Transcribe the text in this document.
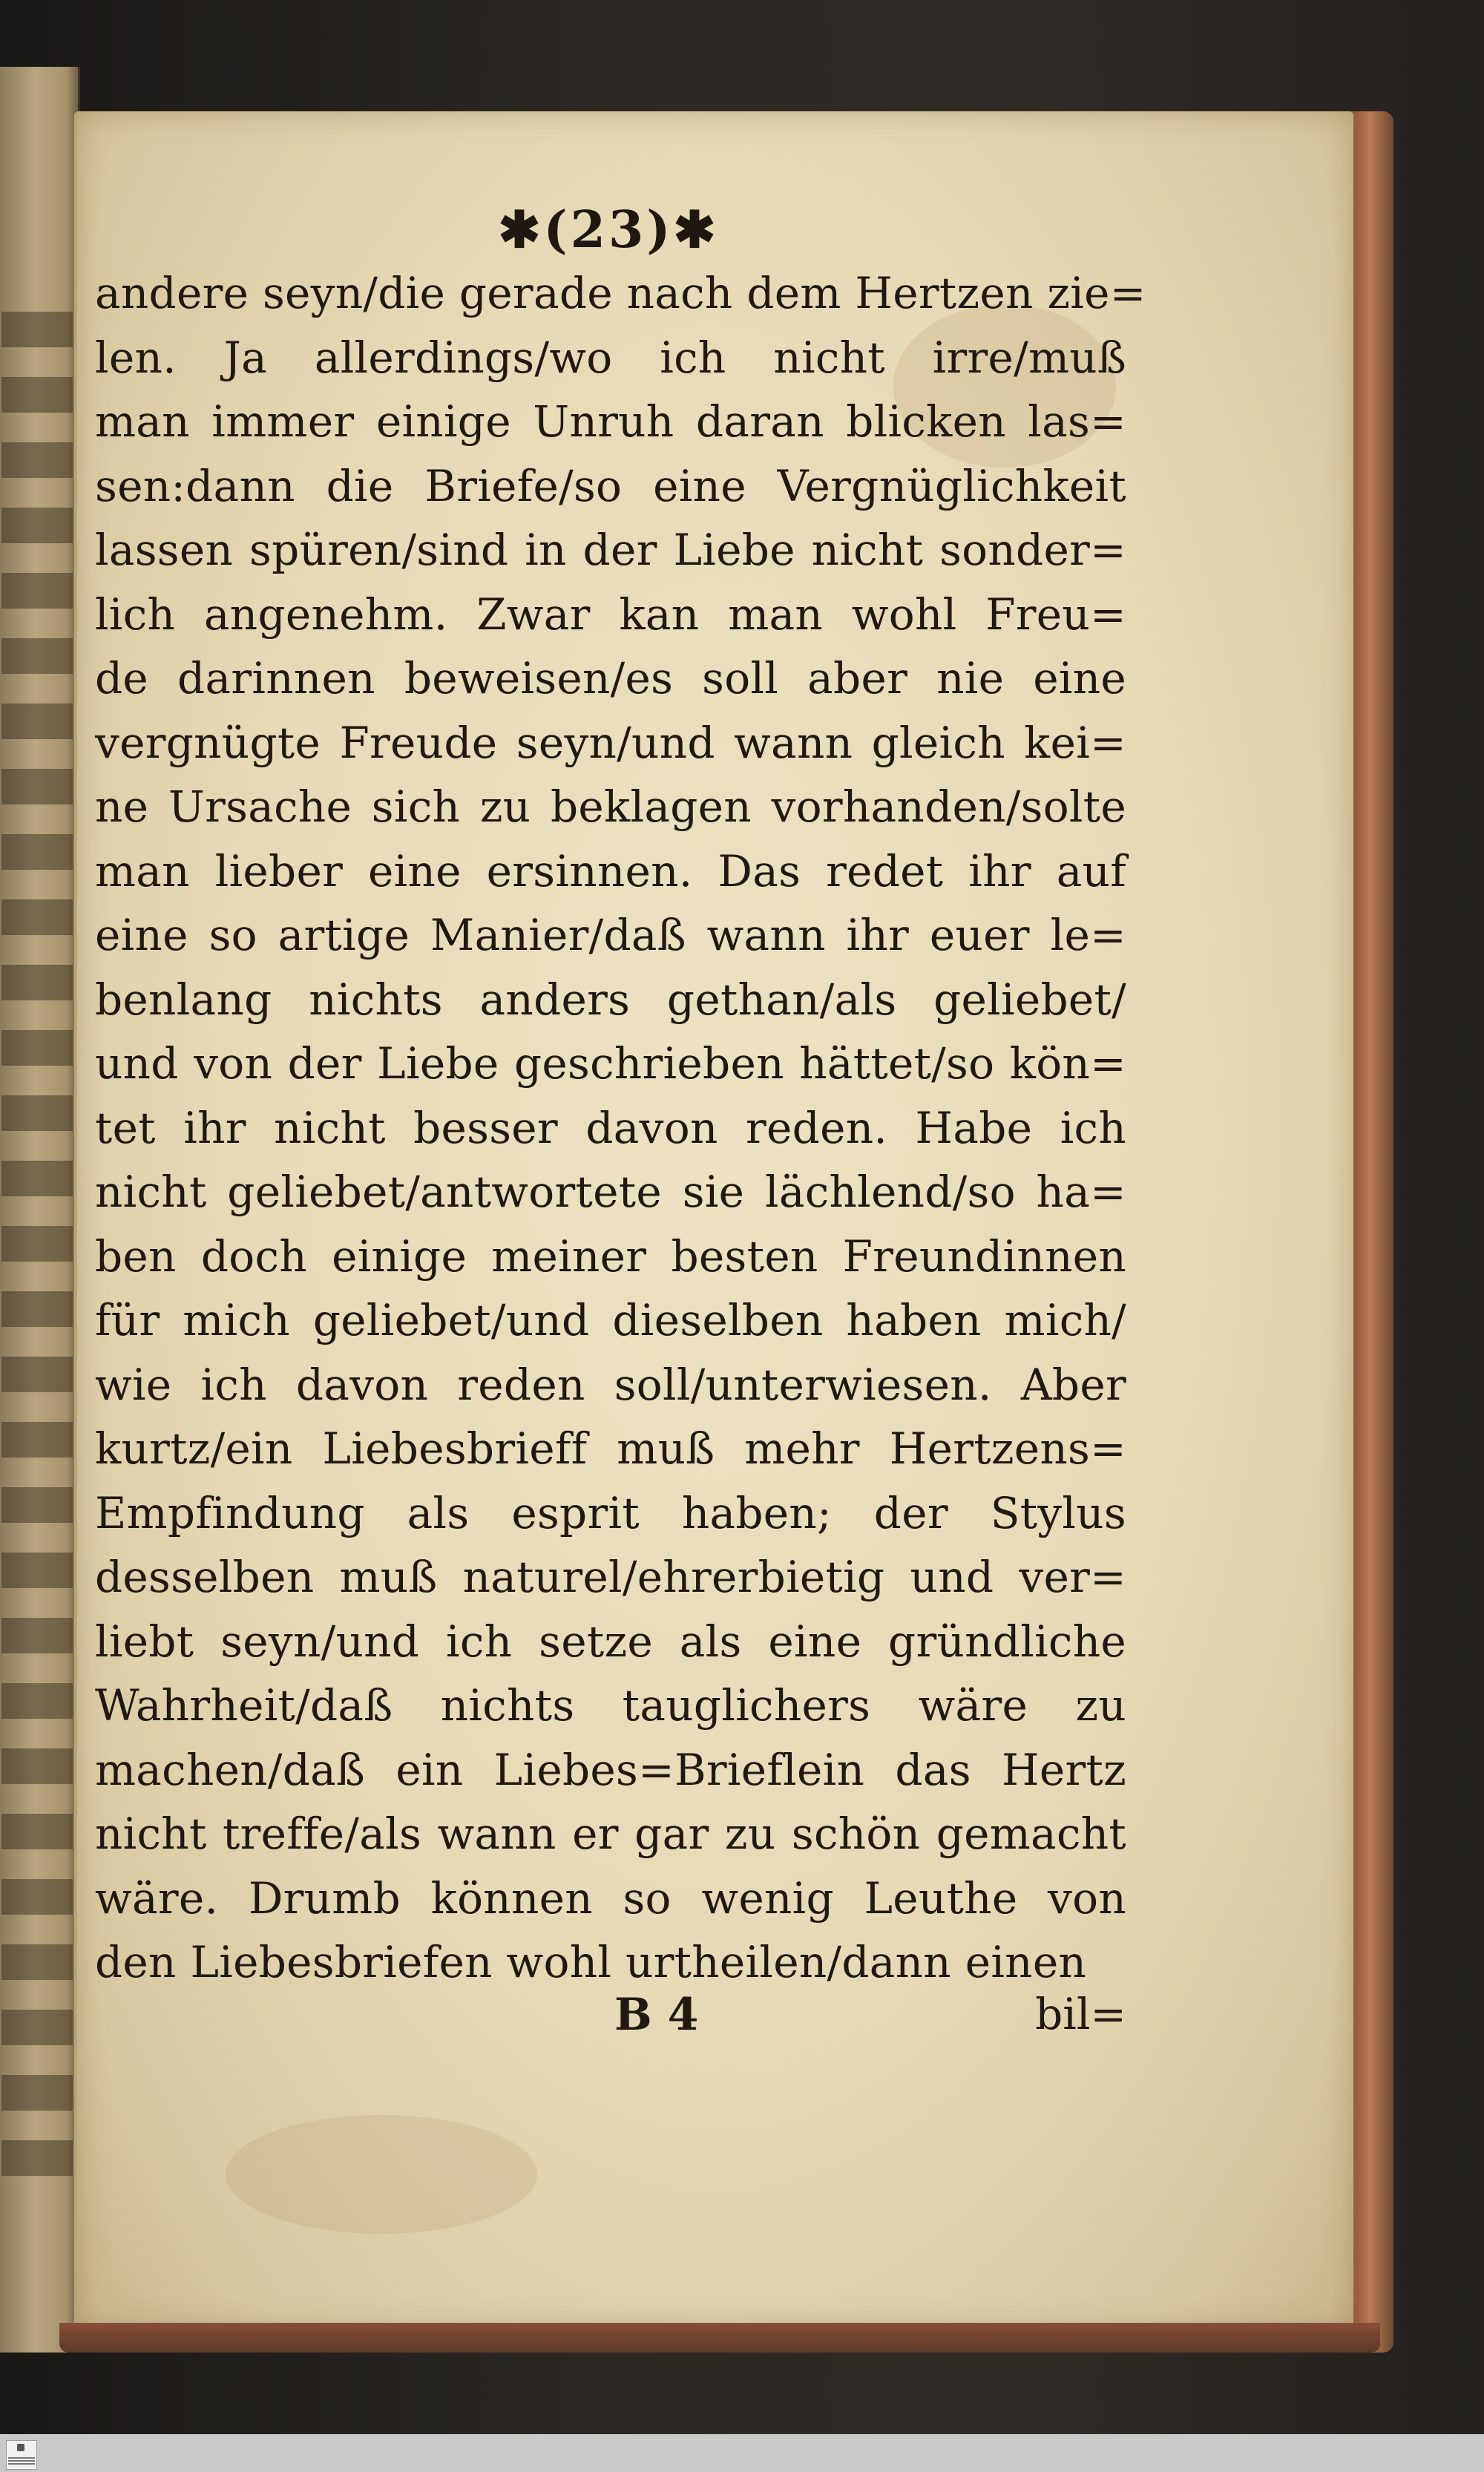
✱(23)✱
andere seyn/die gerade nach dem Hertzen zie=
len. Ja allerdings/wo ich nicht irre/muß
man immer einige Unruh daran blicken las=
sen:dann die Briefe/so eine Vergnüglichkeit
lassen spüren/sind in der Liebe nicht sonder=
lich angenehm. Zwar kan man wohl Freu=
de darinnen beweisen/es soll aber nie eine
vergnügte Freude seyn/und wann gleich kei=
ne Ursache sich zu beklagen vorhanden/solte
man lieber eine ersinnen. Das redet ihr auf
eine so artige Manier/daß wann ihr euer le=
benlang nichts anders gethan/als geliebet/
und von der Liebe geschrieben hättet/so kön=
tet ihr nicht besser davon reden. Habe ich
nicht geliebet/antwortete sie lächlend/so ha=
ben doch einige meiner besten Freundinnen
für mich geliebet/und dieselben haben mich/
wie ich davon reden soll/unterwiesen. Aber
kurtz/ein Liebesbrieff muß mehr Hertzens=
Empfindung als esprit haben; der Stylus
desselben muß naturel/ehrerbietig und ver=
liebt seyn/und ich setze als eine gründliche
Wahrheit/daß nichts tauglichers wäre zu
machen/daß ein Liebes=Brieflein das Hertz
nicht treffe/als wann er gar zu schön gemacht
wäre. Drumb können so wenig Leuthe von
den Liebesbriefen wohl urtheilen/dann einen
B 4	bil=
